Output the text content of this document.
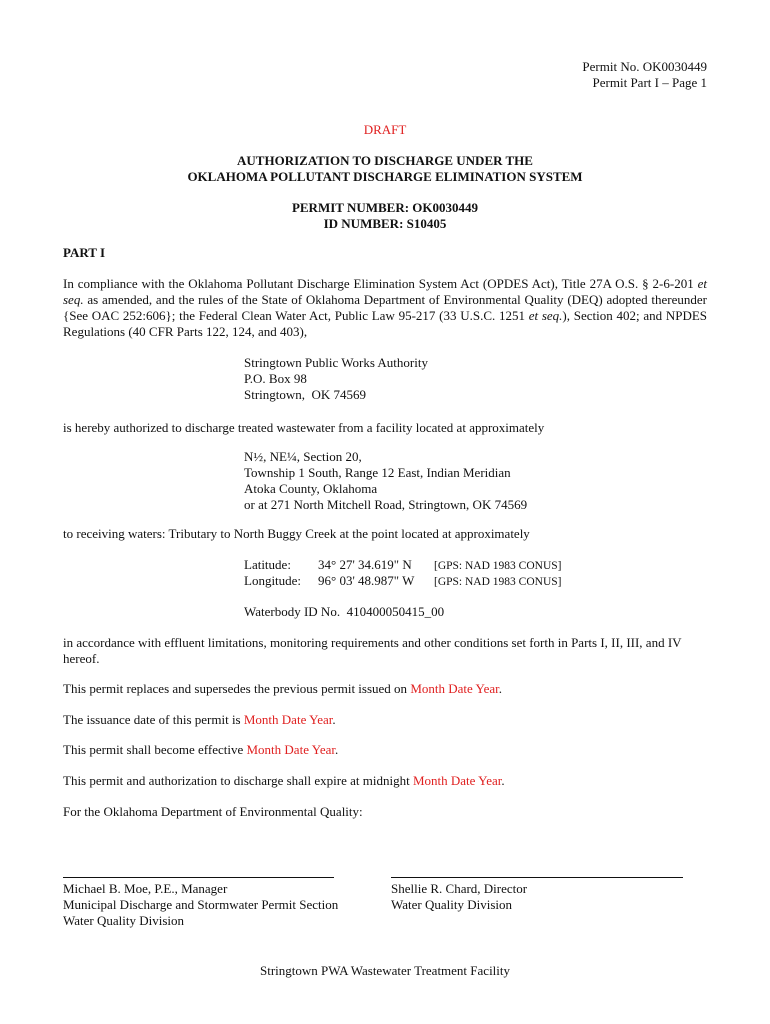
Permit No. OK0030449
Permit Part I – Page 1
DRAFT
AUTHORIZATION TO DISCHARGE UNDER THE
OKLAHOMA POLLUTANT DISCHARGE ELIMINATION SYSTEM
PERMIT NUMBER: OK0030449
ID NUMBER: S10405
PART I
In compliance with the Oklahoma Pollutant Discharge Elimination System Act (OPDES Act), Title 27A O.S. § 2-6-201 et seq. as amended, and the rules of the State of Oklahoma Department of Environmental Quality (DEQ) adopted thereunder {See OAC 252:606}; the Federal Clean Water Act, Public Law 95-217 (33 U.S.C. 1251 et seq.), Section 402; and NPDES Regulations (40 CFR Parts 122, 124, and 403),
Stringtown Public Works Authority
P.O. Box 98
Stringtown,  OK 74569
is hereby authorized to discharge treated wastewater from a facility located at approximately
N½, NE¼, Section 20,
Township 1 South, Range 12 East, Indian Meridian
Atoka County, Oklahoma
or at 271 North Mitchell Road, Stringtown, OK 74569
to receiving waters: Tributary to North Buggy Creek at the point located at approximately
Latitude: 34° 27' 34.619" N [GPS: NAD 1983 CONUS]
Longitude: 96° 03' 48.987" W [GPS: NAD 1983 CONUS]
Waterbody ID No.  410400050415_00
in accordance with effluent limitations, monitoring requirements and other conditions set forth in Parts I, II, III, and IV hereof.
This permit replaces and supersedes the previous permit issued on Month Date Year.
The issuance date of this permit is Month Date Year.
This permit shall become effective Month Date Year.
This permit and authorization to discharge shall expire at midnight Month Date Year.
For the Oklahoma Department of Environmental Quality:
Michael B. Moe, P.E., Manager
Municipal Discharge and Stormwater Permit Section
Water Quality Division
Shellie R. Chard, Director
Water Quality Division
Stringtown PWA Wastewater Treatment Facility
